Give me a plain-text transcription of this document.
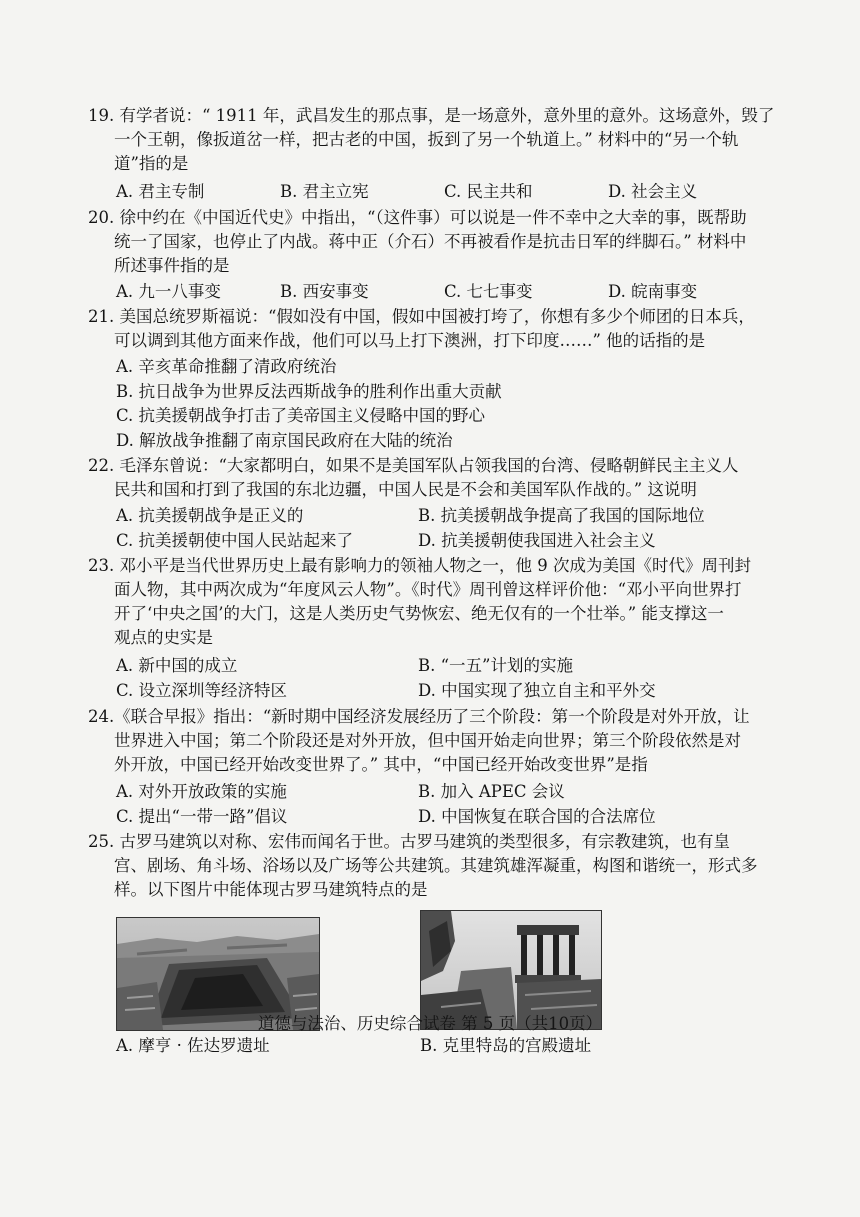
19. 有学者说：“ 1911 年，武昌发生的那点事，是一场意外，意外里的意外。这场意外，毁了
一个王朝，像扳道岔一样，把古老的中国，扳到了另一个轨道上。” 材料中的“另一个轨
道”指的是
A. 君主专制	B. 君主立宪	C. 民主共和	D. 社会主义
20. 徐中约在《中国近代史》中指出，“（这件事）可以说是一件不幸中之大幸的事，既帮助
统一了国家，也停止了内战。蒋中正（介石）不再被看作是抗击日军的绊脚石。” 材料中
所述事件指的是
A. 九一八事变	B. 西安事变	C. 七七事变	D. 皖南事变
21. 美国总统罗斯福说：“假如没有中国，假如中国被打垮了，你想有多少个师团的日本兵，
可以调到其他方面来作战，他们可以马上打下澳洲，打下印度……” 他的话指的是
A. 辛亥革命推翻了清政府统治
B. 抗日战争为世界反法西斯战争的胜利作出重大贡献
C. 抗美援朝战争打击了美帝国主义侵略中国的野心
D. 解放战争推翻了南京国民政府在大陆的统治
22. 毛泽东曾说：“大家都明白，如果不是美国军队占领我国的台湾、侵略朝鲜民主主义人
民共和国和打到了我国的东北边疆，中国人民是不会和美国军队作战的。” 这说明
A. 抗美援朝战争是正义的	B. 抗美援朝战争提高了我国的国际地位
C. 抗美援朝使中国人民站起来了	D. 抗美援朝使我国进入社会主义
23. 邓小平是当代世界历史上最有影响力的领袖人物之一，他 9 次成为美国《时代》周刊封
面人物，其中两次成为“年度风云人物”。《时代》周刊曾这样评价他：“邓小平向世界打
开了‘中央之国’的大门，这是人类历史气势恢宏、绝无仅有的一个壮举。” 能支撑这一
观点的史实是
A. 新中国的成立	B. “一五”计划的实施
C. 设立深圳等经济特区	D. 中国实现了独立自主和平外交
24.《联合早报》指出：“新时期中国经济发展经历了三个阶段：第一个阶段是对外开放，让
世界进入中国；第二个阶段还是对外开放，但中国开始走向世界；第三个阶段依然是对
外开放，中国已经开始改变世界了。” 其中，“中国已经开始改变世界”是指
A. 对外开放政策的实施	B. 加入 APEC 会议
C. 提出“一带一路”倡议	D. 中国恢复在联合国的合法席位
25. 古罗马建筑以对称、宏伟而闻名于世。古罗马建筑的类型很多，有宗教建筑，也有皇
宫、剧场、角斗场、浴场以及广场等公共建筑。其建筑雄浑凝重，构图和谐统一，形式多
样。以下图片中能体现古罗马建筑特点的是
A. 摩亨 · 佐达罗遗址	B. 克里特岛的宫殿遗址
道德与法治、历史综合试卷 第 5 页（共10页）
